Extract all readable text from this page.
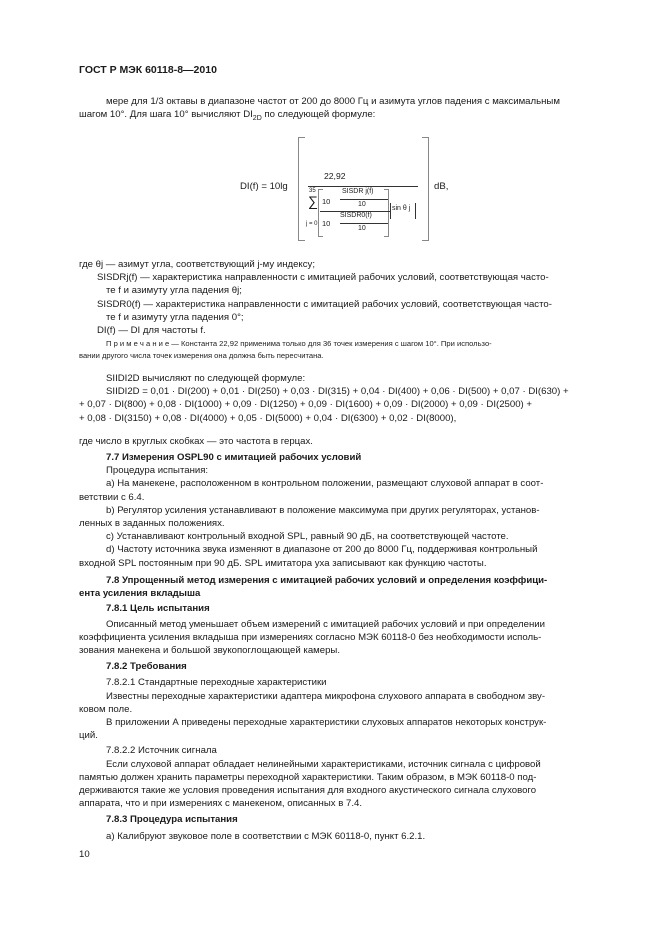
ГОСТ Р МЭК 60118-8—2010

мере для 1/3 октавы в диапазоне частот от 200 до 8000 Гц и азимута углов падения с максимальным

шагом 10°. Для шага 10° вычисляют $DI_{2D}$ по следующей формуле:

DI(f) = 10lg
22,92
35
∑
j = 0
10
SISDR j(f)
10
10
SISDR0(f)
10
sin θ j
dB,

где θj — азимут угла, соответствующий j-му индексу;

SISDRj(f) — характеристика направленности с имитацией рабочих условий, соответствующая часто-

те f и азимуту угла падения θj;

SISDR0(f) — характеристика направленности с имитацией рабочих условий, соответствующая часто-

те f и азимуту угла падения 0°;

DI(f) — DI для частоты f.

П р и м е ч а н и е — Константа 22,92 применима только для 36 точек измерения с шагом 10°. При использо-

вании другого числа точек измерения она должна быть пересчитана.

SIIDI2D вычисляют по следующей формуле:

SIIDI2D = 0,01 · DI(200) + 0,01 · DI(250) + 0,03 · DI(315) + 0,04 · DI(400) + 0,06 · DI(500) + 0,07 · DI(630) +

+ 0,07 · DI(800) + 0,08 · DI(1000) + 0,09 · DI(1250) + 0,09 · DI(1600) + 0,09 · DI(2000) + 0,09 · DI(2500) +

+ 0,08 · DI(3150) + 0,08 · DI(4000) + 0,05 · DI(5000) + 0,04 · DI(6300) + 0,02 · DI(8000),

где число в круглых скобках — это частота в герцах.

7.7 Измерения OSPL90 с имитацией рабочих условий

Процедура испытания:

a) На манекене, расположенном в контрольном положении, размещают слуховой аппарат в соот-

ветствии с 6.4.

b) Регулятор усиления устанавливают в положение максимума при других регуляторах, установ-

ленных в заданных положениях.

c) Устанавливают контрольный входной SPL, равный 90 дБ, на соответствующей частоте.

d) Частоту источника звука изменяют в диапазоне от 200 до 8000 Гц, поддерживая контрольный

входной SPL постоянным при 90 дБ. SPL имитатора уха записывают как функцию частоты.

7.8 Упрощенный метод измерения с имитацией рабочих условий и определения коэффици-

ента усиления вкладыша

7.8.1 Цель испытания

Описанный метод уменьшает объем измерений с имитацией рабочих условий и при определении

коэффициента усиления вкладыша при измерениях согласно МЭК 60118-0 без необходимости исполь-

зования манекена и большой звукопоглощающей камеры.

7.8.2 Требования

7.8.2.1 Стандартные переходные характеристики

Известны переходные характеристики адаптера микрофона слухового аппарата в свободном зву-

ковом поле.

В приложении А приведены переходные характеристики слуховых аппаратов некоторых конструк-

ций.

7.8.2.2 Источник сигнала

Если слуховой аппарат обладает нелинейными характеристиками, источник сигнала с цифровой

памятью должен хранить параметры переходной характеристики. Таким образом, в МЭК 60118-0 под-

держиваются такие же условия проведения испытания для входного акустического сигнала слухового

аппарата, что и при измерениях с манекеном, описанных в 7.4.

7.8.3 Процедура испытания

a) Калибруют звуковое поле в соответствии с МЭК 60118-0, пункт 6.2.1.

10
